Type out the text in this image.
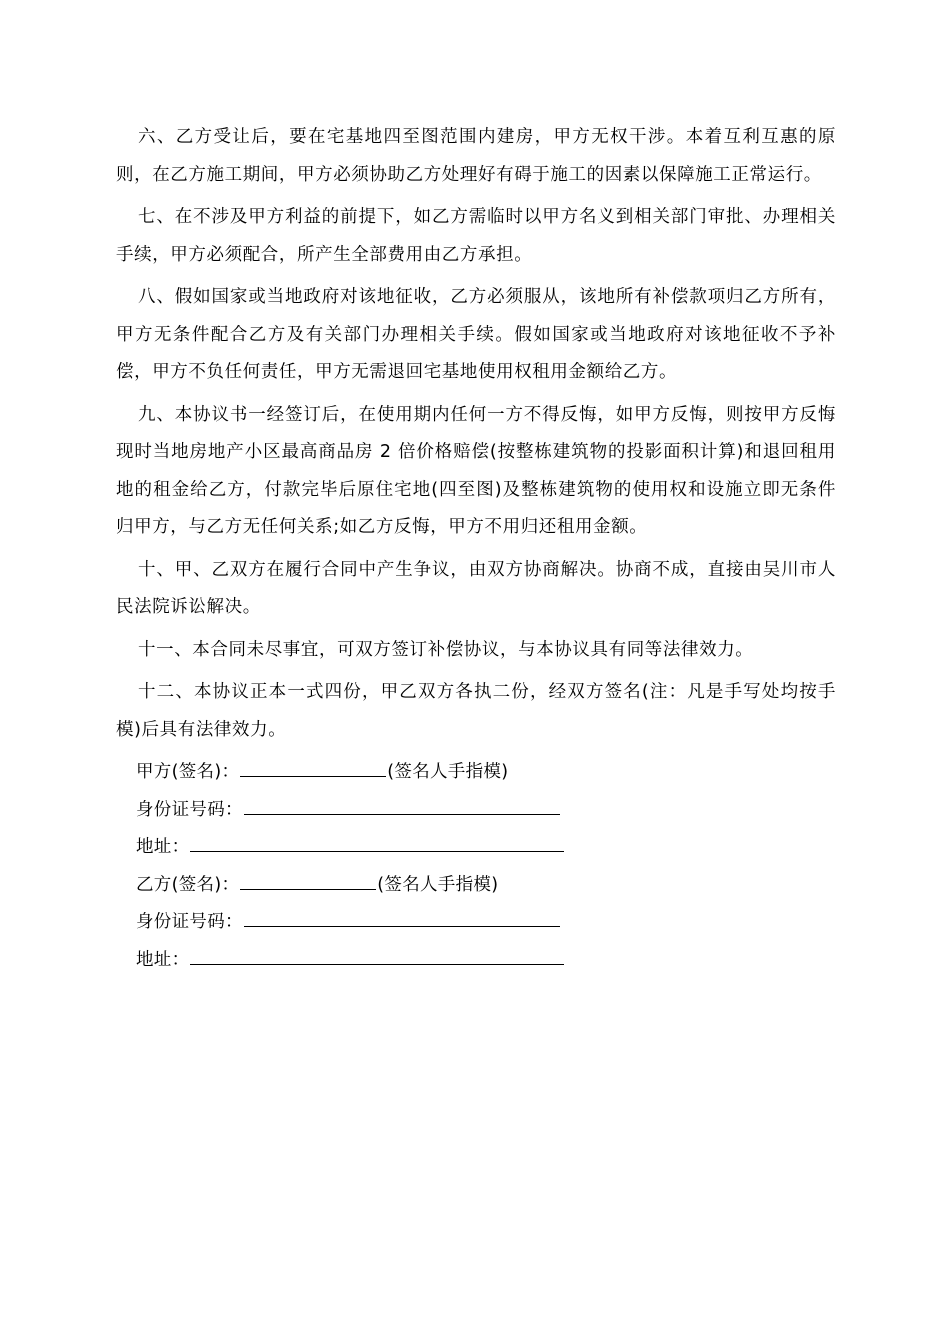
六、乙方受让后，要在宅基地四至图范围内建房，甲方无权干涉。本着互利互惠的原则，在乙方施工期间，甲方必须协助乙方处理好有碍于施工的因素以保障施工正常运行。

七、在不涉及甲方利益的前提下，如乙方需临时以甲方名义到相关部门审批、办理相关手续，甲方必须配合，所产生全部费用由乙方承担。

八、假如国家或当地政府对该地征收，乙方必须服从，该地所有补偿款项归乙方所有，甲方无条件配合乙方及有关部门办理相关手续。假如国家或当地政府对该地征收不予补偿，甲方不负任何责任，甲方无需退回宅基地使用权租用金额给乙方。

九、本协议书一经签订后，在使用期内任何一方不得反悔，如甲方反悔，则按甲方反悔现时当地房地产小区最高商品房 2 倍价格赔偿(按整栋建筑物的投影面积计算)和退回租用地的租金给乙方，付款完毕后原住宅地(四至图)及整栋建筑物的使用权和设施立即无条件归甲方，与乙方无任何关系;如乙方反悔，甲方不用归还租用金额。

十、甲、乙双方在履行合同中产生争议，由双方协商解决。协商不成，直接由吴川市人民法院诉讼解决。

十一、本合同未尽事宜，可双方签订补偿协议，与本协议具有同等法律效力。

十二、本协议正本一式四份，甲乙双方各执二份，经双方签名(注：凡是手写处均按手模)后具有法律效力。

甲方(签名)：	(签名人手指模)
身份证号码：
地址：
乙方(签名)：	(签名人手指模)
身份证号码：
地址：
